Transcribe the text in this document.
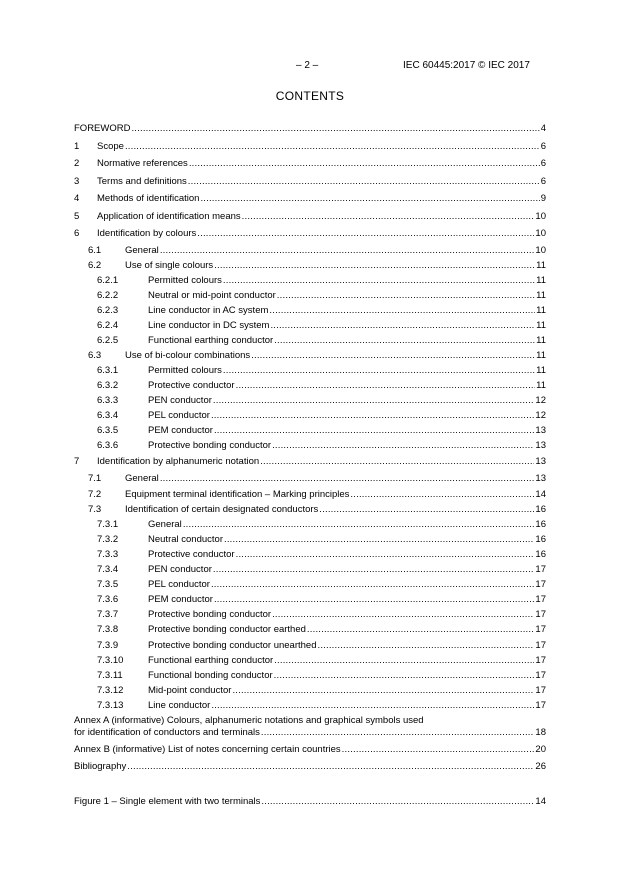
– 2 –	IEC 60445:2017 © IEC 2017
CONTENTS
FOREWORD .....	4
1 Scope .....	6
2 Normative references .....	6
3 Terms and definitions .....	6
4 Methods of identification .....	9
5 Application of identification means .....	10
6 Identification by colours .....	10
6.1	General .....	10
6.2	Use of single colours .....	11
6.2.1	Permitted colours .....	11
6.2.2	Neutral or mid-point conductor .....	11
6.2.3	Line conductor in AC system .....	11
6.2.4	Line conductor in DC system .....	11
6.2.5	Functional earthing conductor .....	11
6.3	Use of bi-colour combinations .....	11
6.3.1	Permitted colours .....	11
6.3.2	Protective conductor .....	11
6.3.3	PEN conductor .....	12
6.3.4	PEL conductor .....	12
6.3.5	PEM conductor .....	13
6.3.6	Protective bonding conductor .....	13
7 Identification by alphanumeric notation .....	13
7.1	General .....	13
7.2	Equipment terminal identification – Marking principles .....	14
7.3	Identification of certain designated conductors .....	16
7.3.1	General .....	16
7.3.2	Neutral conductor .....	16
7.3.3	Protective conductor .....	16
7.3.4	PEN conductor .....	17
7.3.5	PEL conductor .....	17
7.3.6	PEM conductor .....	17
7.3.7	Protective bonding conductor .....	17
7.3.8	Protective bonding conductor earthed .....	17
7.3.9	Protective bonding conductor unearthed .....	17
7.3.10	Functional earthing conductor .....	17
7.3.11	Functional bonding conductor .....	17
7.3.12	Mid-point conductor .....	17
7.3.13	Line conductor .....	17
Annex A (informative) Colours, alphanumeric notations and graphical symbols used
for identification of conductors and terminals .....	18
Annex B (informative) List of notes concerning certain countries .....	20
Bibliography .....	26
Figure 1 – Single element with two terminals .....	14
